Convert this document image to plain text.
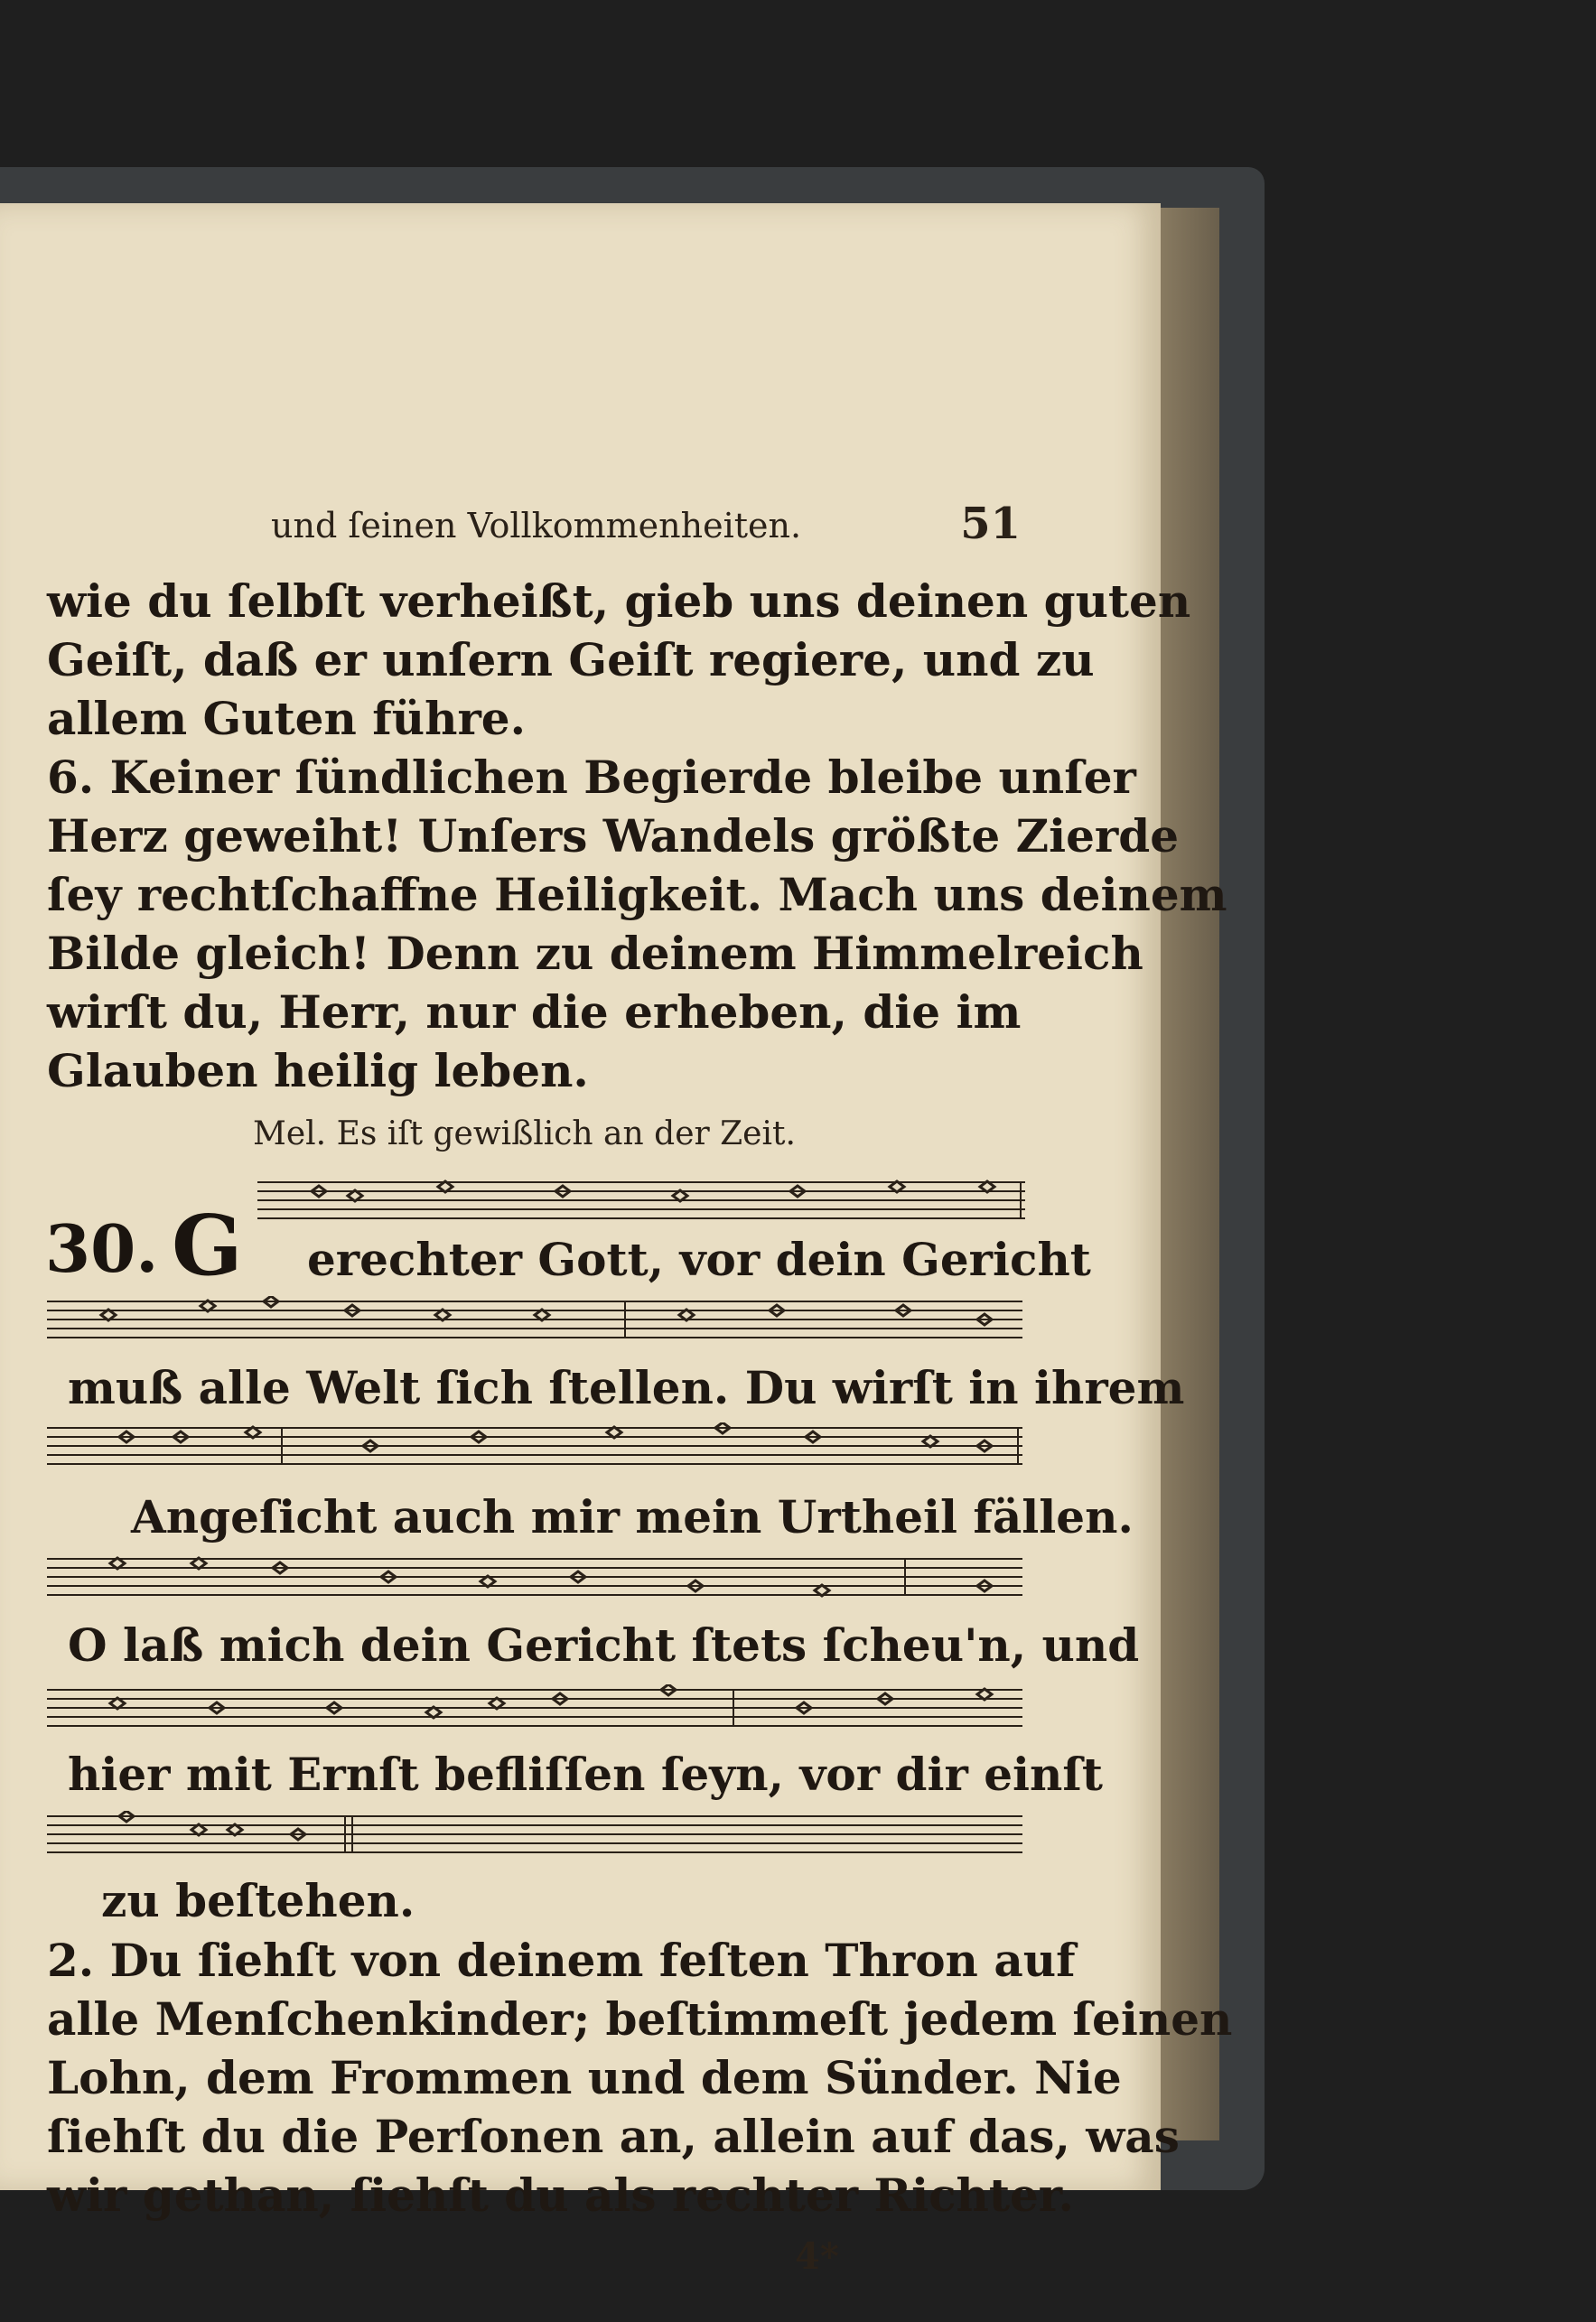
und ſeinen Vollkommenheiten.	51
wie du ſelbſt verheißt, gieb uns deinen guten
Geiſt, daß er unſern Geiſt regiere, und zu
allem Guten führe.
6. Keiner ſündlichen Begierde bleibe unſer
Herz geweiht! Unſers Wandels größte Zierde
ſey rechtſchaffne Heiligkeit. Mach uns deinem
Bilde gleich! Denn zu deinem Himmelreich
wirſt du, Herr, nur die erheben, die im
Glauben heilig leben.
Mel. Es iſt gewißlich an der Zeit.
30. G erechter Gott, vor dein Gericht
muß alle Welt ſich ſtellen. Du wirſt in ihrem
Angeſicht auch mir mein Urtheil fällen.
O laß mich dein Gericht ſtets ſcheu'n, und
hier mit Ernſt befliſſen ſeyn, vor dir einſt
zu beſtehen.
2. Du ſiehſt von deinem feſten Thron auf
alle Menſchenkinder; beſtimmeſt jedem ſeinen
Lohn, dem Frommen und dem Sünder. Nie
ſiehſt du die Perſonen an, allein auf das, was
wir gethan, ſiehſt du als rechter Richter.
4*
